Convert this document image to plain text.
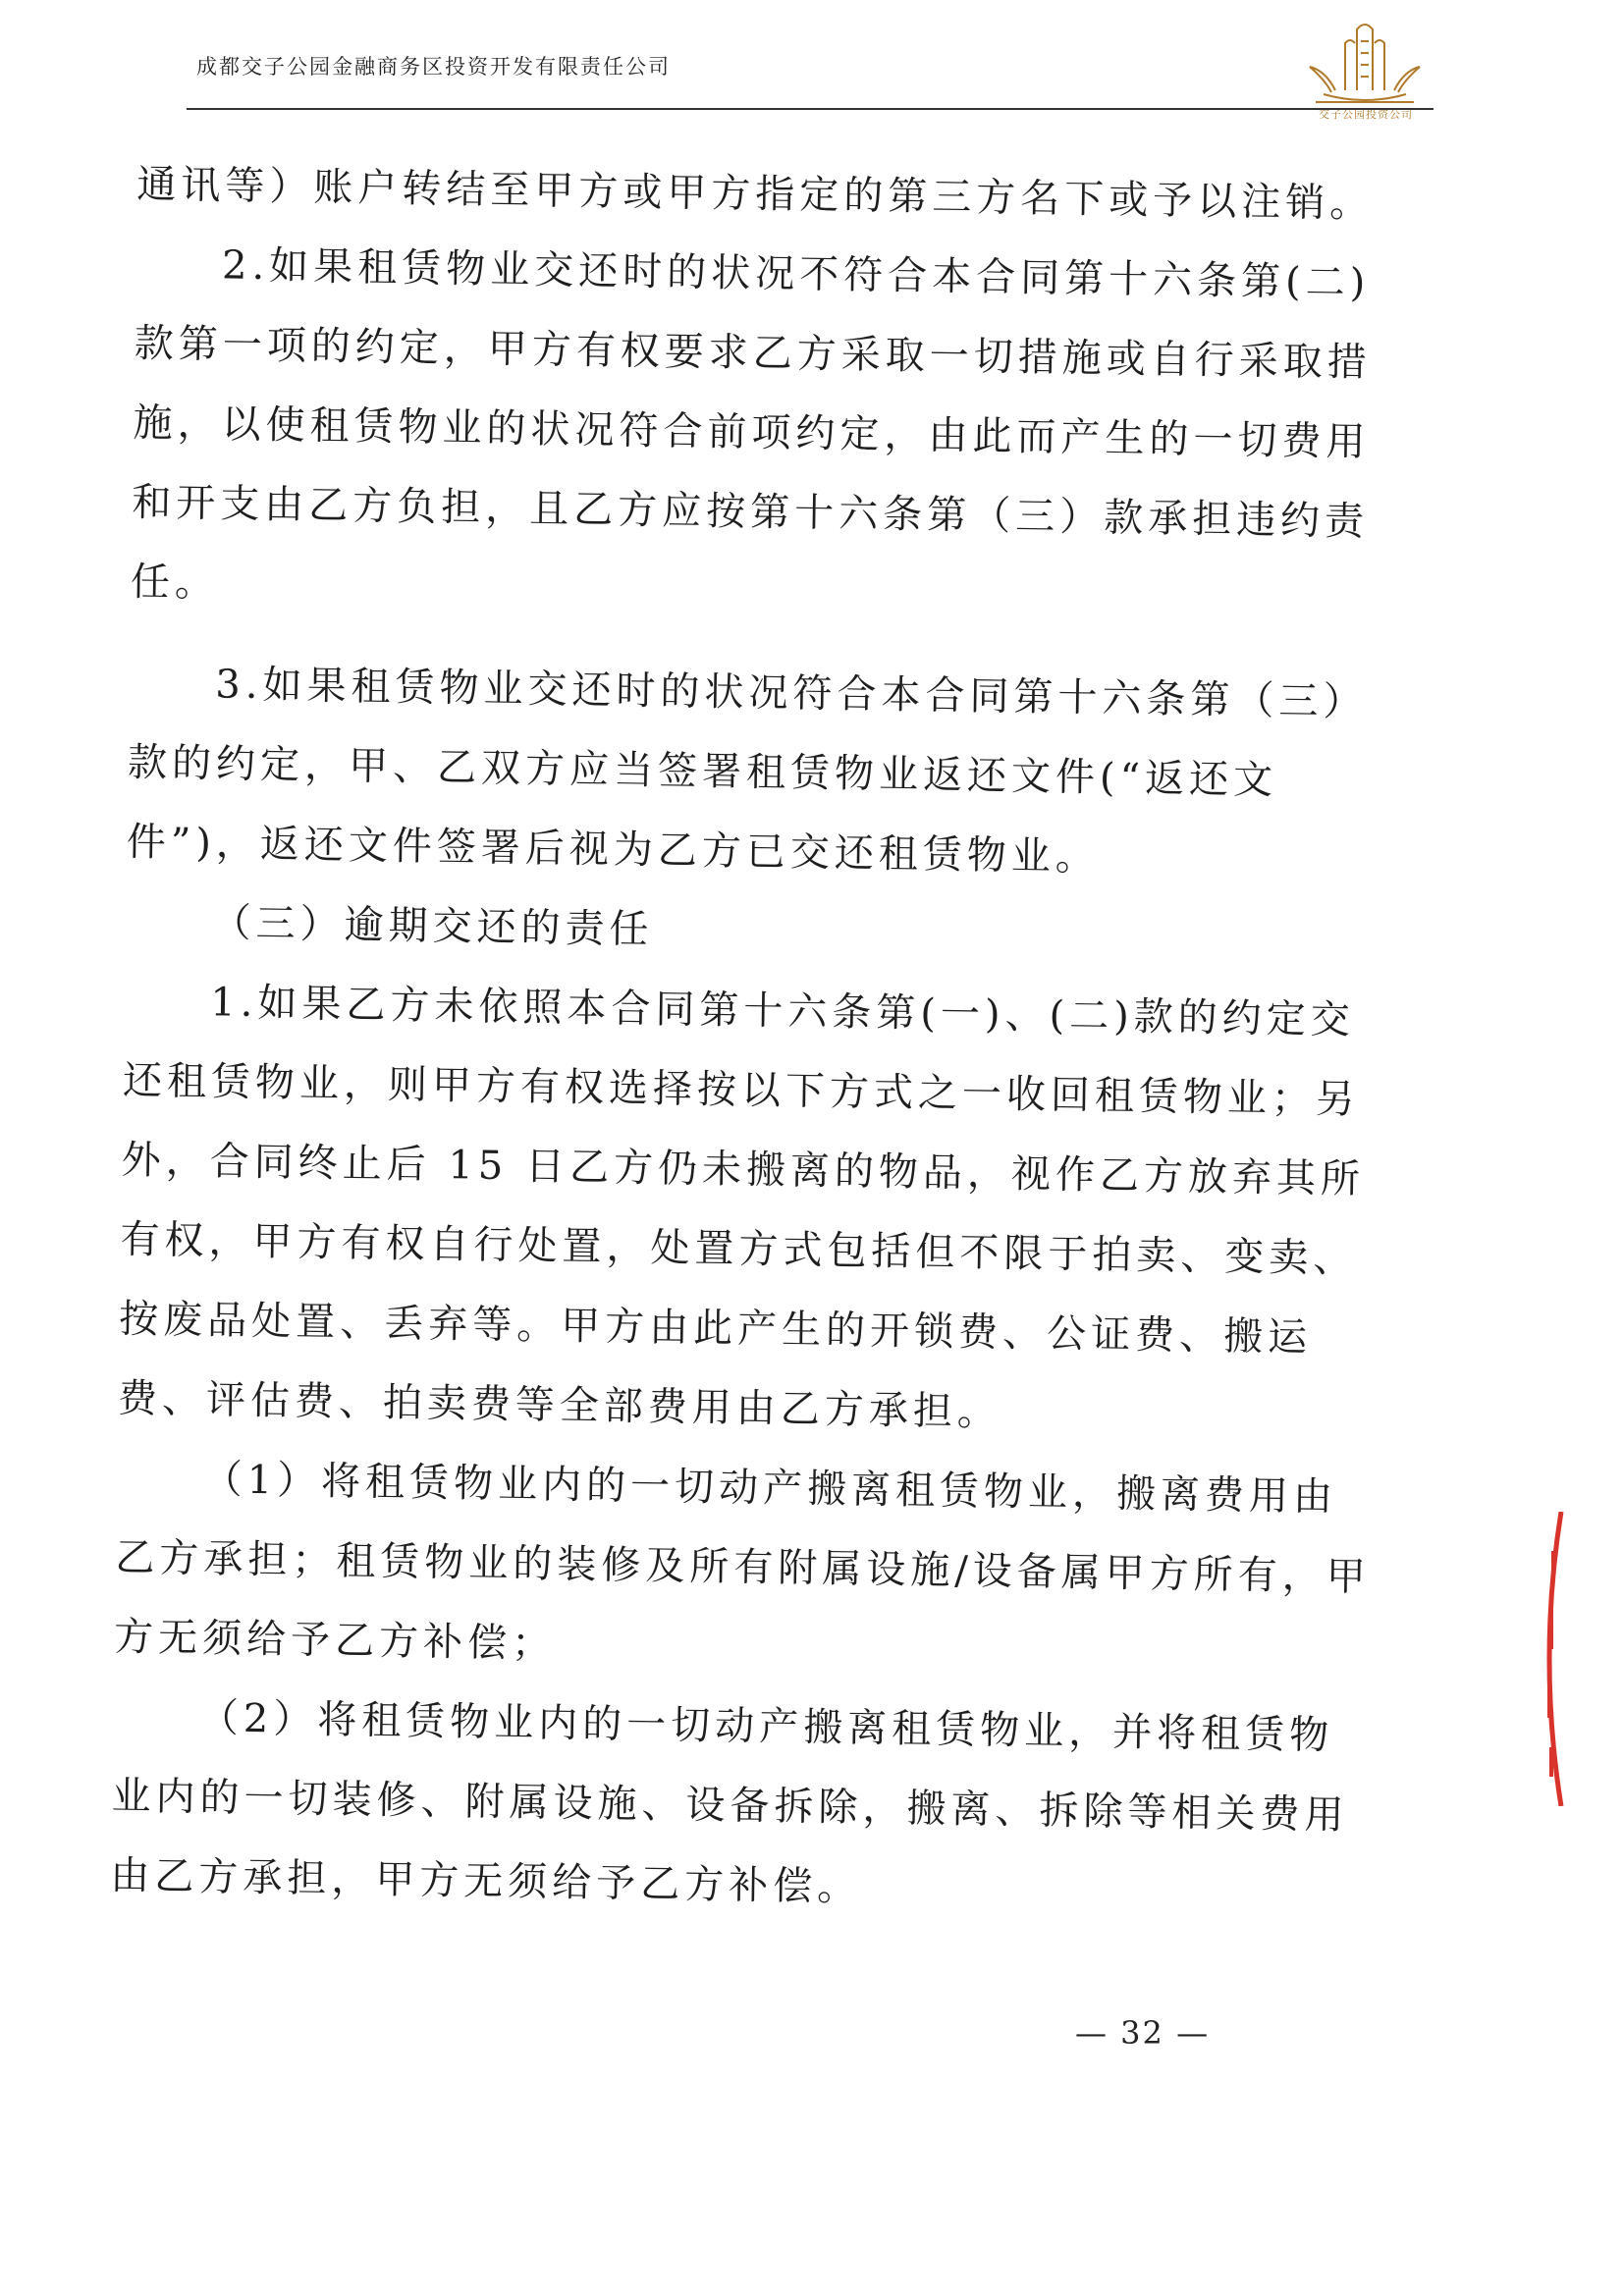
成都交子公园金融商务区投资开发有限责任公司
交子公园投资公司

通讯等）账户转结至甲方或甲方指定的第三方名下或予以注销。

2.如果租赁物业交还时的状况不符合本合同第十六条第(二)款第一项的约定，甲方有权要求乙方采取一切措施或自行采取措施，以使租赁物业的状况符合前项约定，由此而产生的一切费用和开支由乙方负担，且乙方应按第十六条第（三）款承担违约责任。

3.如果租赁物业交还时的状况符合本合同第十六条第（三）款的约定，甲、乙双方应当签署租赁物业返还文件(“返还文件”)，返还文件签署后视为乙方已交还租赁物业。

（三）逾期交还的责任

1.如果乙方未依照本合同第十六条第(一)、(二)款的约定交还租赁物业，则甲方有权选择按以下方式之一收回租赁物业；另外，合同终止后 15 日乙方仍未搬离的物品，视作乙方放弃其所有权，甲方有权自行处置，处置方式包括但不限于拍卖、变卖、按废品处置、丢弃等。甲方由此产生的开锁费、公证费、搬运费、评估费、拍卖费等全部费用由乙方承担。

（1）将租赁物业内的一切动产搬离租赁物业，搬离费用由乙方承担；租赁物业的装修及所有附属设施/设备属甲方所有，甲方无须给予乙方补偿；

（2）将租赁物业内的一切动产搬离租赁物业，并将租赁物业内的一切装修、附属设施、设备拆除，搬离、拆除等相关费用由乙方承担，甲方无须给予乙方补偿。

— 32 —
